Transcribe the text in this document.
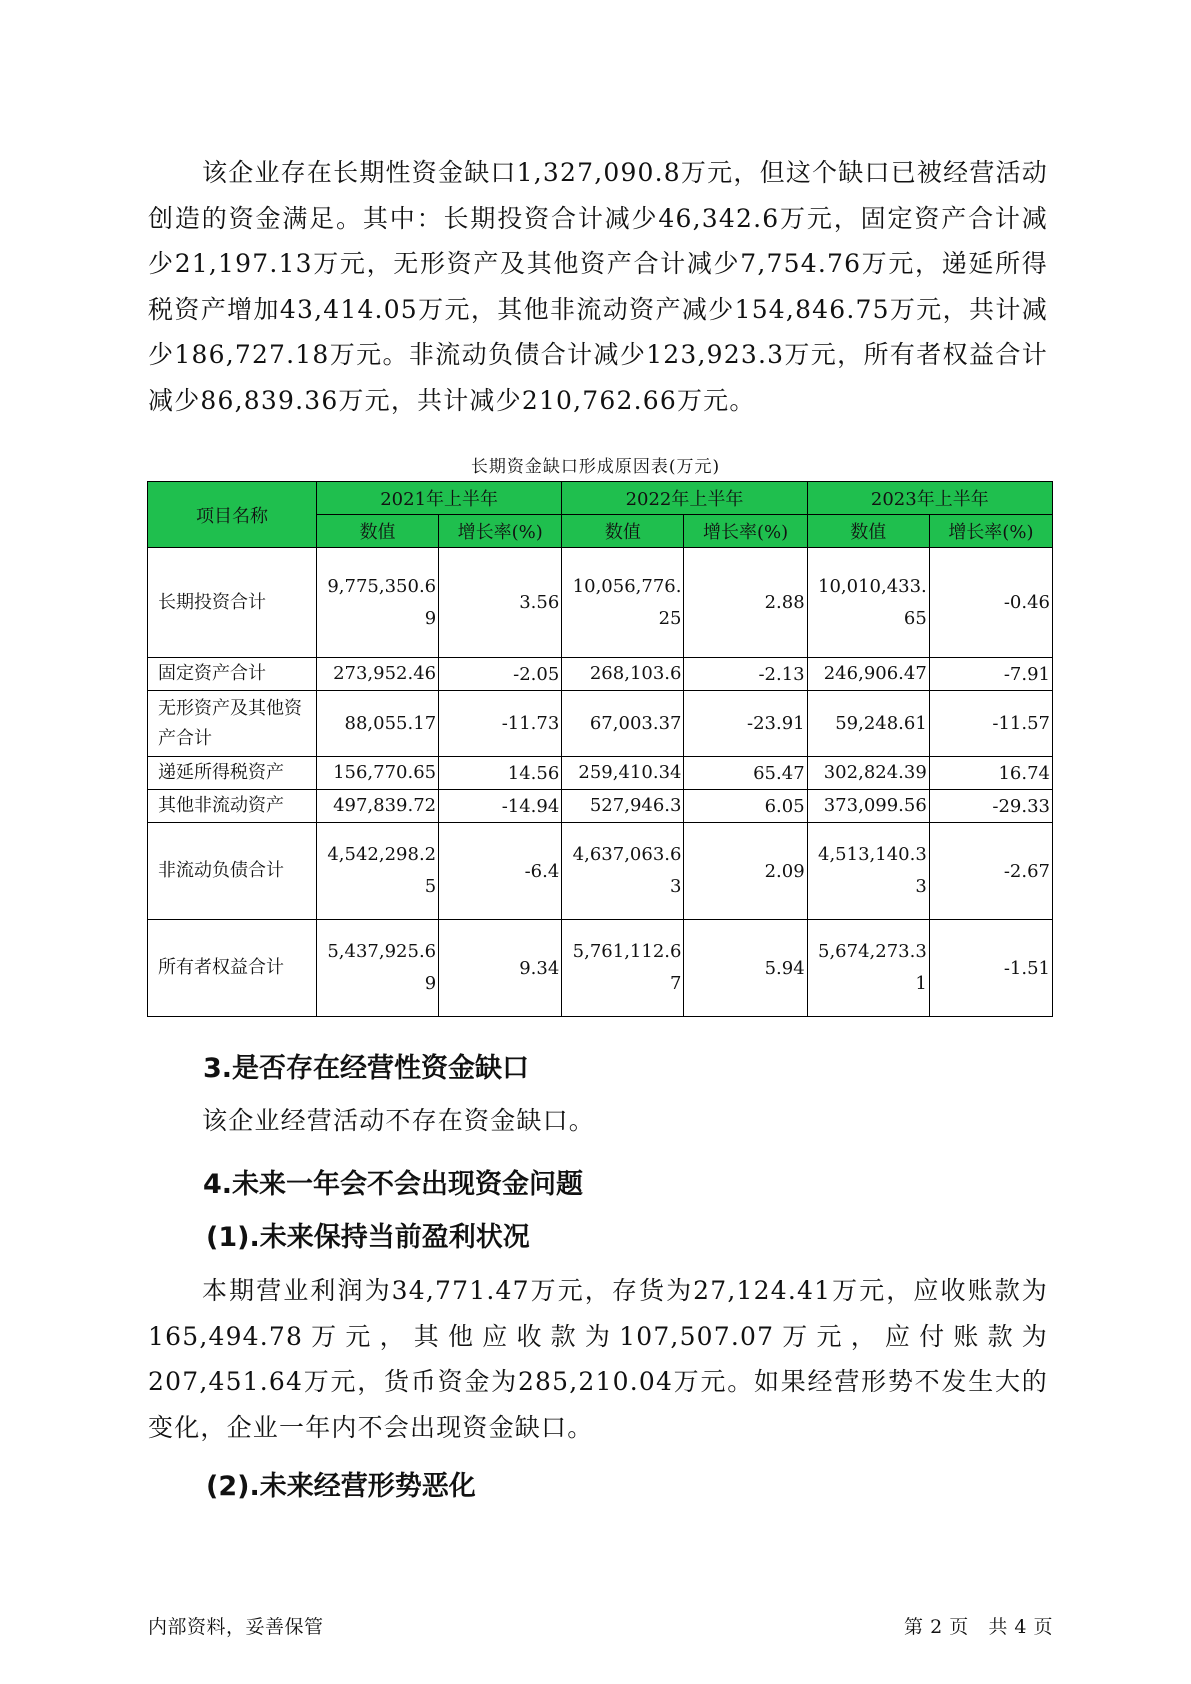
该企业存在长期性资金缺口1,327,090.8万元，但这个缺口已被经营活动创造的资金满足。其中：长期投资合计减少46,342.6万元，固定资产合计减少21,197.13万元，无形资产及其他资产合计减少7,754.76万元，递延所得税资产增加43,414.05万元，其他非流动资产减少154,846.75万元，共计减少186,727.18万元。非流动负债合计减少123,923.3万元，所有者权益合计减少86,839.36万元，共计减少210,762.66万元。

长期资金缺口形成原因表(万元)
项目名称	2021年上半年		2022年上半年		2023年上半年	
	数值	增长率(%)	数值	增长率(%)	数值	增长率(%)
长期投资合计	9,775,350.69	3.56	10,056,776.25	2.88	10,010,433.65	-0.46
固定资产合计	273,952.46	-2.05	268,103.6	-2.13	246,906.47	-7.91
无形资产及其他资产合计	88,055.17	-11.73	67,003.37	-23.91	59,248.61	-11.57
递延所得税资产	156,770.65	14.56	259,410.34	65.47	302,824.39	16.74
其他非流动资产	497,839.72	-14.94	527,946.3	6.05	373,099.56	-29.33
非流动负债合计	4,542,298.25	-6.4	4,637,063.63	2.09	4,513,140.33	-2.67
所有者权益合计	5,437,925.69	9.34	5,761,112.67	5.94	5,674,273.31	-1.51
3.是否存在经营性资金缺口

该企业经营活动不存在资金缺口。

4.未来一年会不会出现资金问题
(1).未来保持当前盈利状况

本期营业利润为34,771.47万元，存货为27,124.41万元，应收账款为165,494.78万元，其他应收款为107,507.07万元，应付账款为207,451.64万元，货币资金为285,210.04万元。如果经营形势不发生大的变化，企业一年内不会出现资金缺口。

(2).未来经营形势恶化
内部资料，妥善保管	第 2 页   共 4 页
